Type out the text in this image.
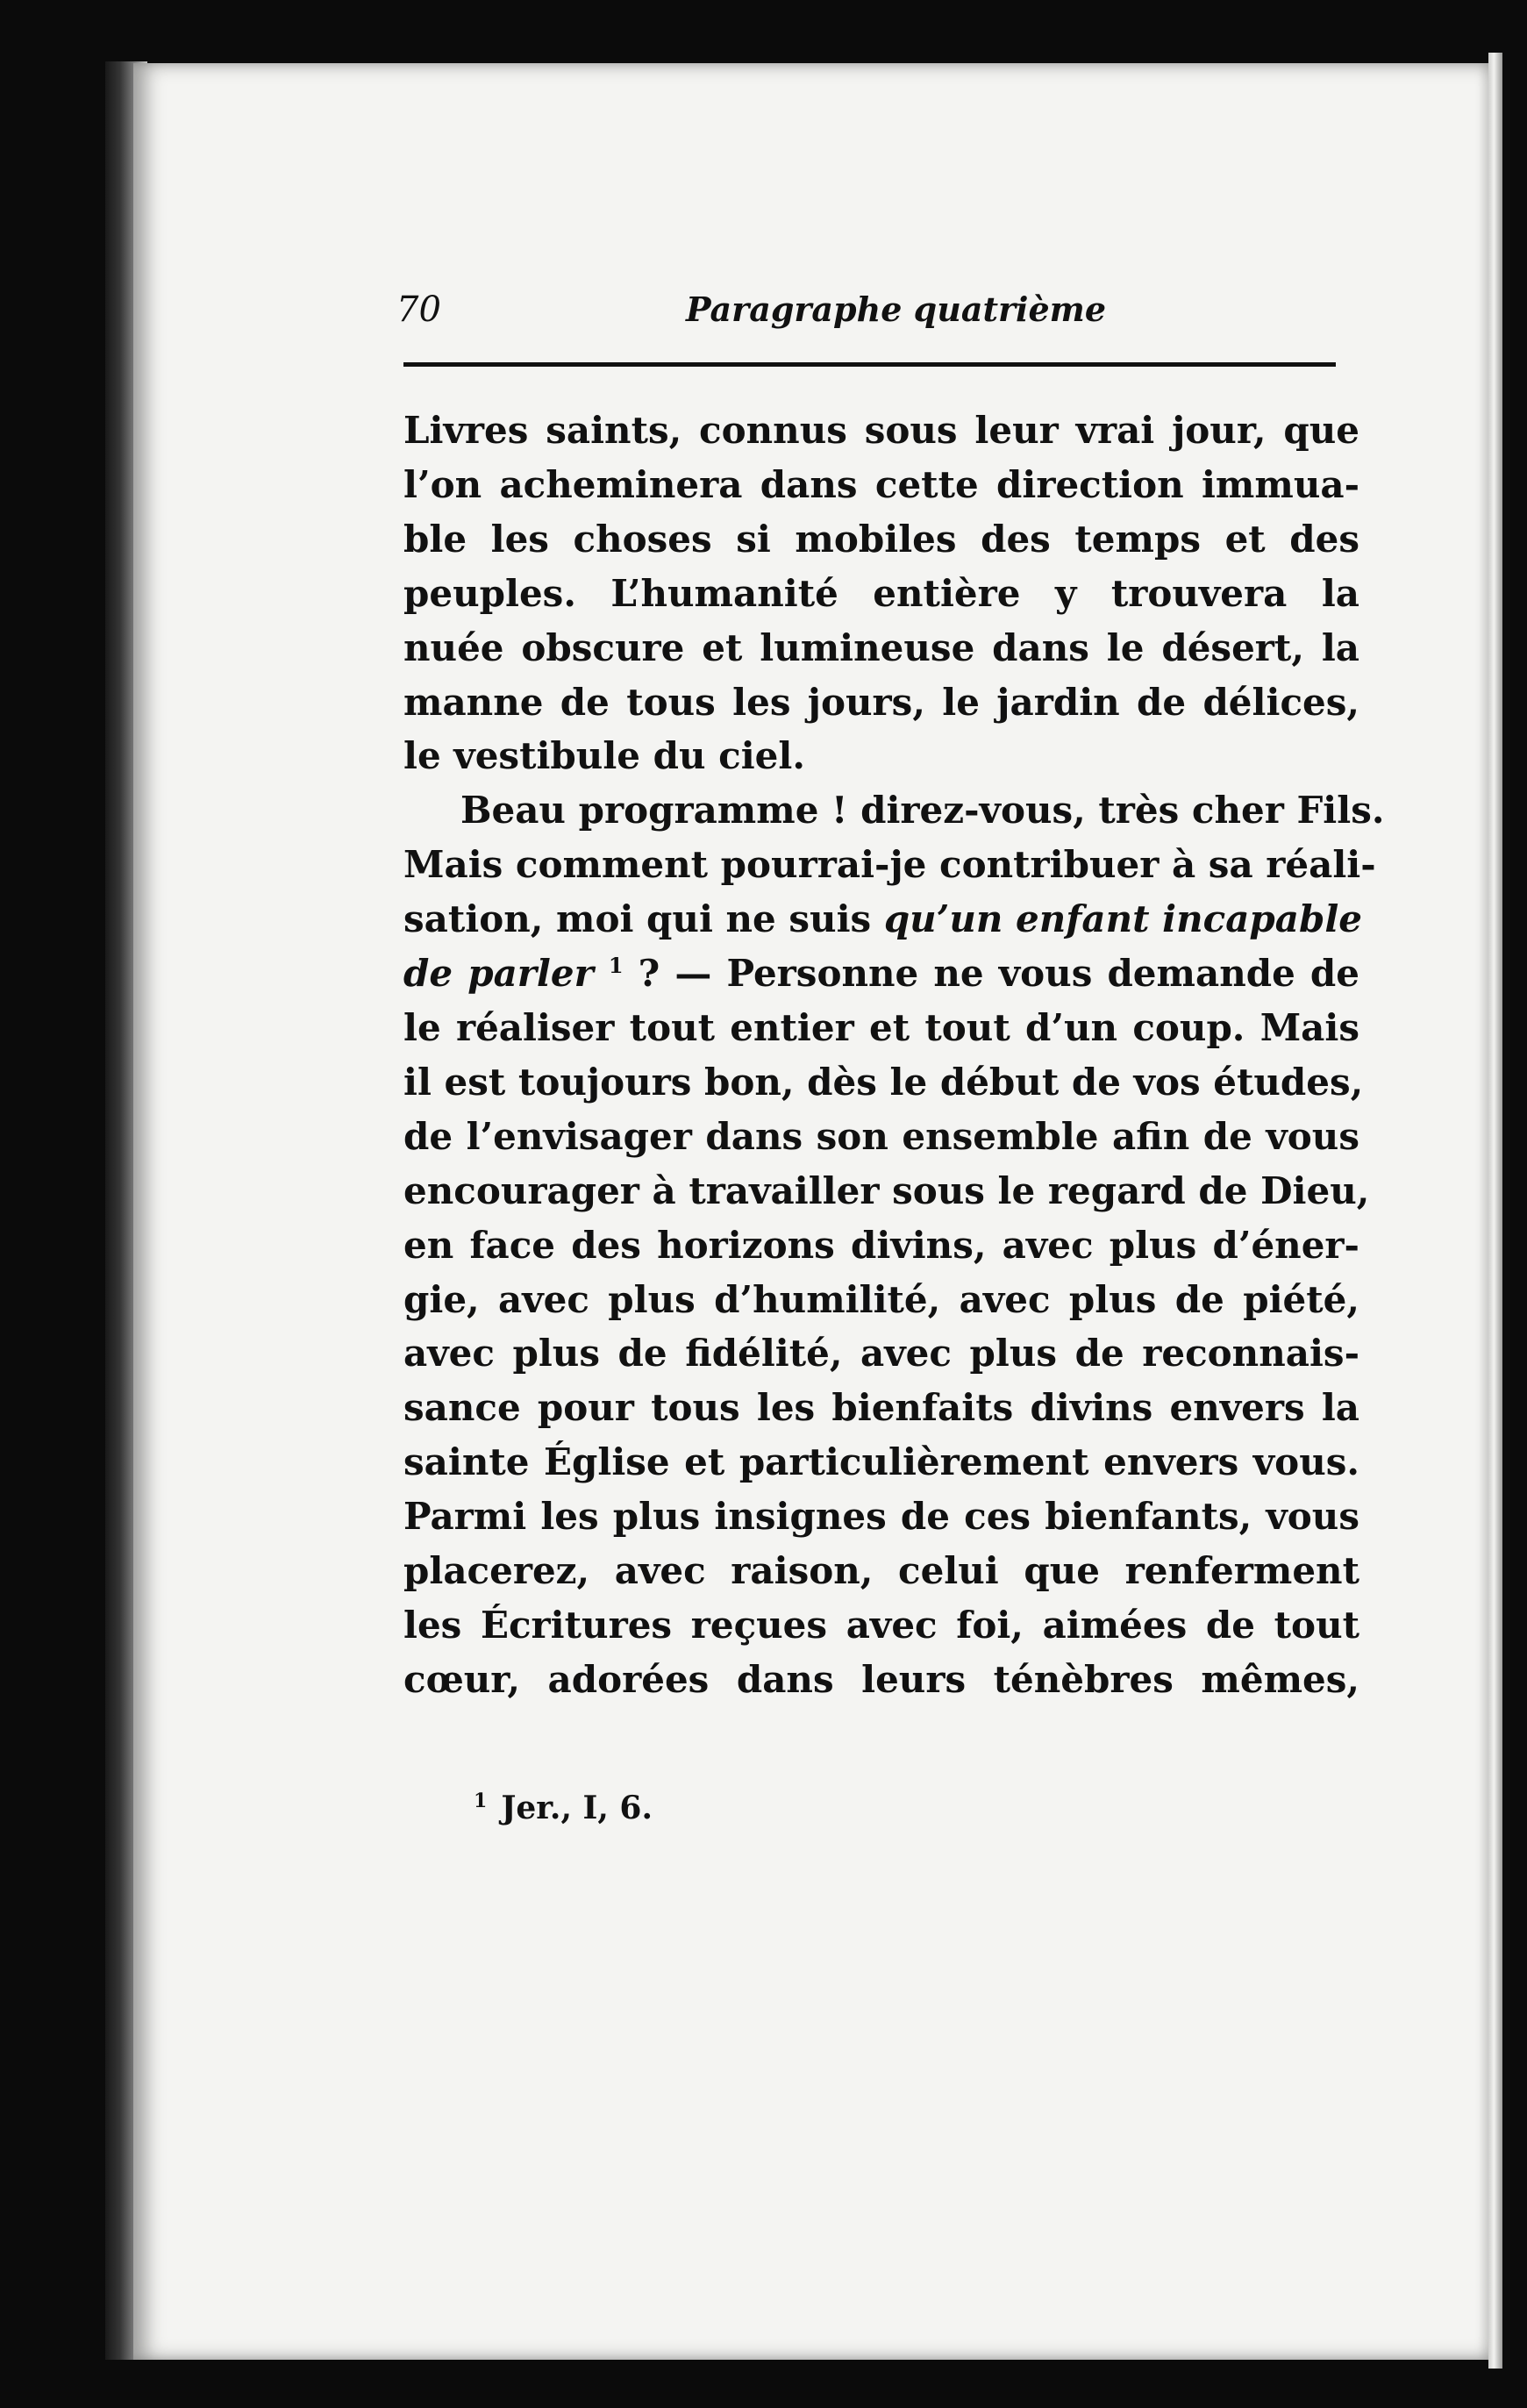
70	Paragraphe quatrième
Livres saints, connus sous leur vrai jour, que
l’on acheminera dans cette direction immua-
ble les choses si mobiles des temps et des
peuples. L’humanité entière y trouvera la
nuée obscure et lumineuse dans le désert, la
manne de tous les jours, le jardin de délices,
le vestibule du ciel.
Beau programme ! direz-vous, très cher Fils.
Mais comment pourrai-je contribuer à sa réali-
sation, moi qui ne suis qu’un enfant incapable
de parler $^1$ ? — Personne ne vous demande de
le réaliser tout entier et tout d’un coup. Mais
il est toujours bon, dès le début de vos études,
de l’envisager dans son ensemble afin de vous
encourager à travailler sous le regard de Dieu,
en face des horizons divins, avec plus d’éner-
gie, avec plus d’humilité, avec plus de piété,
avec plus de fidélité, avec plus de reconnais-
sance pour tous les bienfaits divins envers la
sainte Église et particulièrement envers vous.
Parmi les plus insignes de ces bienfants, vous
placerez, avec raison, celui que renferment
les Écritures reçues avec foi, aimées de tout
cœur, adorées dans leurs ténèbres mêmes,
$^1$ Jer., I, 6.
